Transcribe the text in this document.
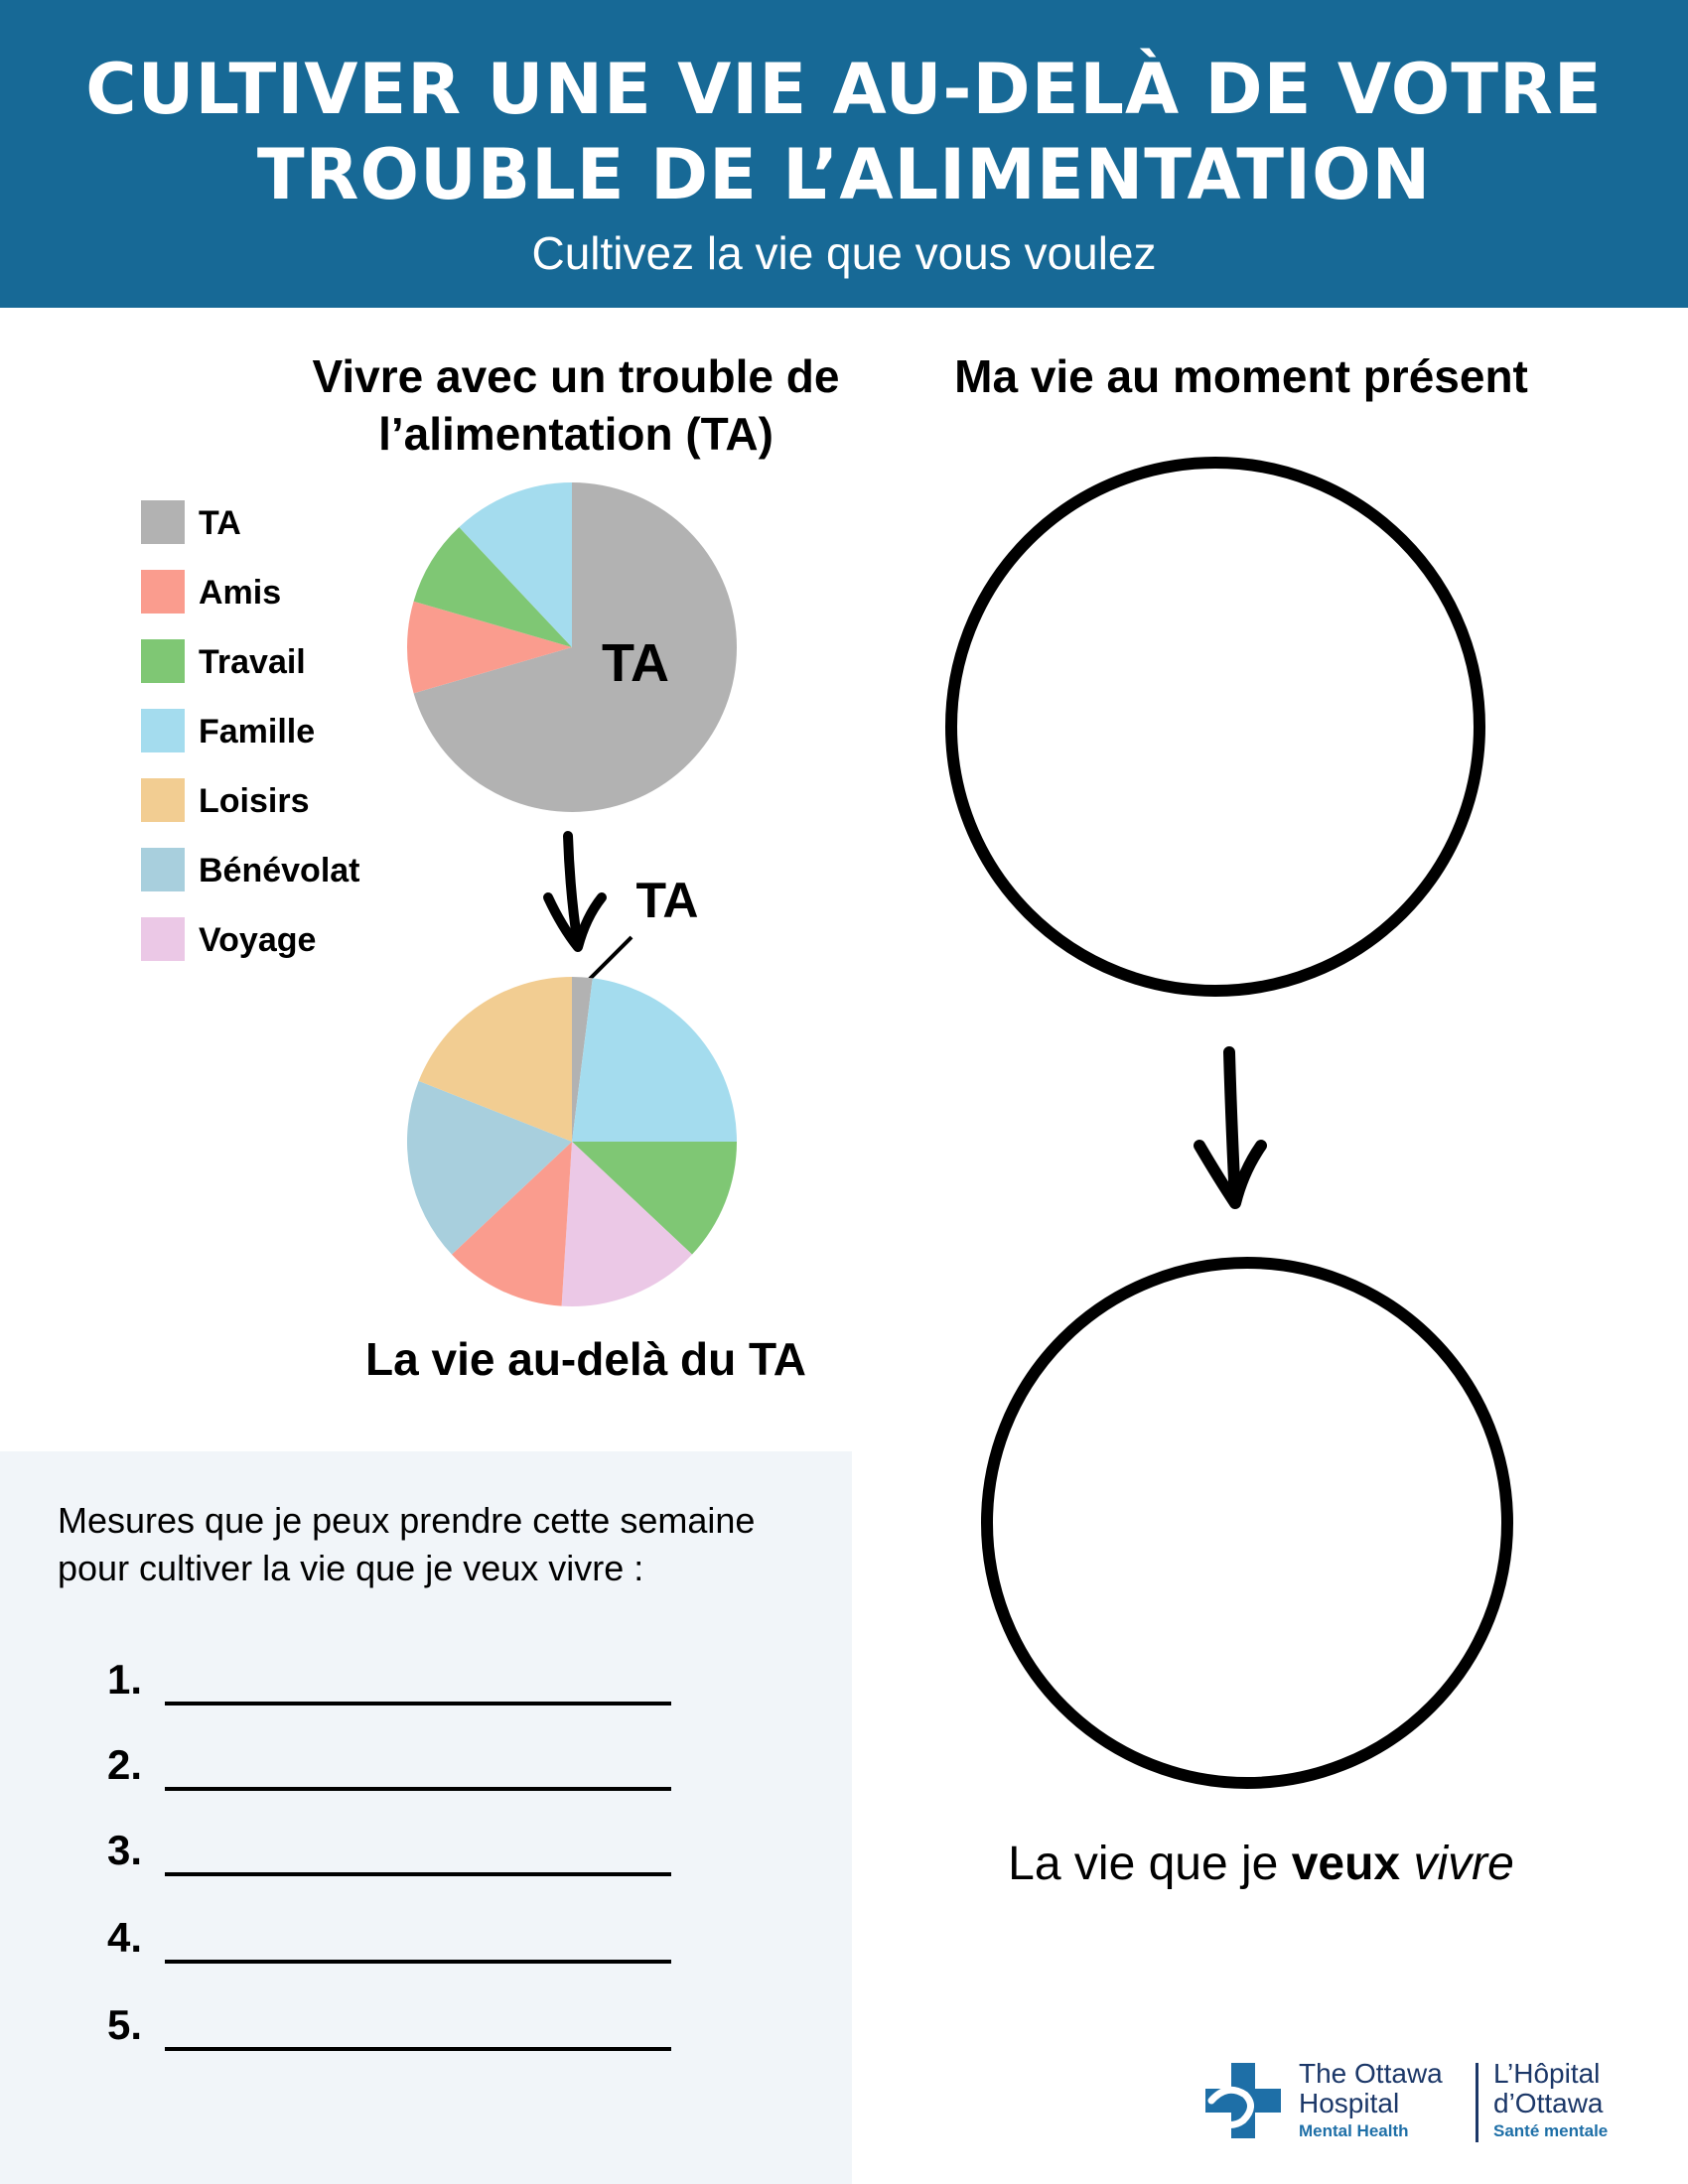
CULTIVER UNE VIE AU-DELÀ DE VOTRE
TROUBLE DE L’ALIMENTATION
Cultivez la vie que vous voulez
Vivre avec un trouble de
l’alimentation (TA)
Ma vie au moment présent
TA
Amis
Travail
Famille
Loisirs
Bénévolat
Voyage
TA
TA
La vie au-delà du TA
La vie que je veux vivre
Mesures que je peux prendre cette semaine pour cultiver la vie que je veux vivre :
1.
2.
3.
4.
5.
The Ottawa
Hospital
Mental Health
L’Hôpital
d’Ottawa
Santé mentale
